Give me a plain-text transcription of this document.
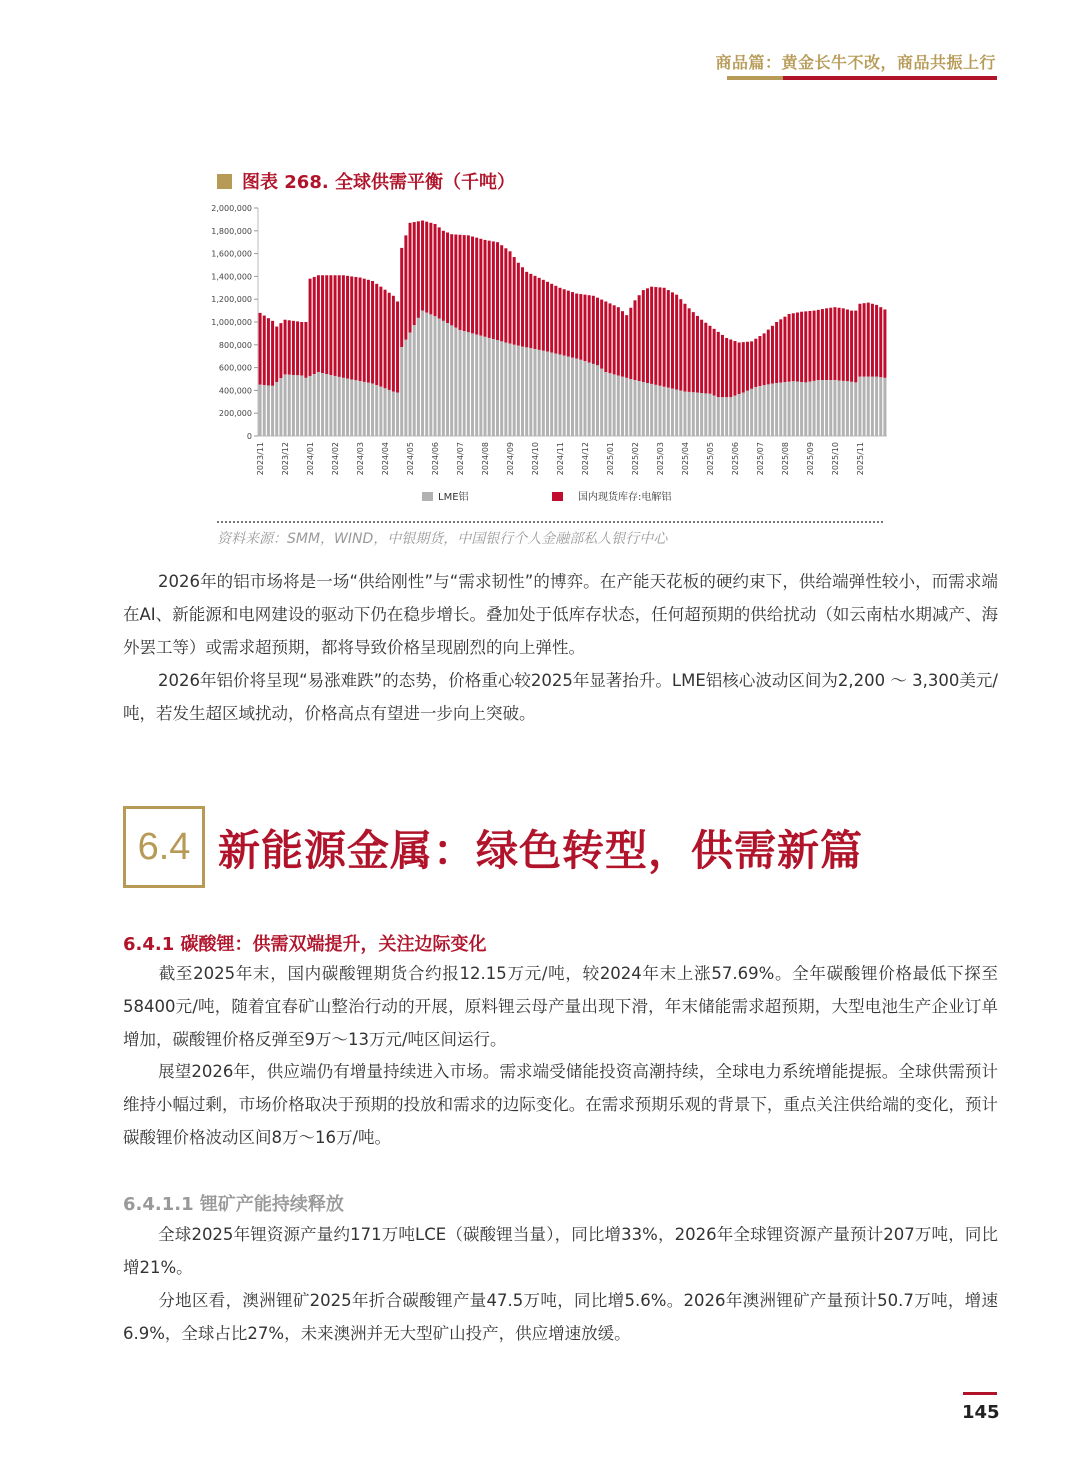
商品篇：黄金长牛不改，商品共振上行
图表 268. 全球供需平衡（千吨）
0
200,000
400,000
600,000
800,000
1,000,000
1,200,000
1,400,000
1,600,000
1,800,000
2,000,000
2023/11 2023/12 2024/01 2024/02 2024/03 2024/04 2024/05 2024/06 2024/07 2024/08 2024/09 2024/10 2024/11 2024/12 2025/01 2025/02 2025/03 2025/04 2025/05 2025/06 2025/07 2025/08 2025/09 2025/10 2025/11
LME铝	国内现货库存:电解铝
资料来源：SMM，WIND，中银期货，中国银行个人金融部私人银行中心

2026年的铝市场将是一场“供给刚性”与“需求韧性”的博弈。在产能天花板的硬约束下，供给端弹性较小，而需求端在AI、新能源和电网建设的驱动下仍在稳步增长。叠加处于低库存状态，任何超预期的供给扰动（如云南枯水期减产、海外罢工等）或需求超预期，都将导致价格呈现剧烈的向上弹性。

2026年铝价将呈现“易涨难跌”的态势，价格重心较2025年显著抬升。LME铝核心波动区间为2,200 ～ 3,300美元/吨，若发生超区域扰动，价格高点有望进一步向上突破。

6.4 新能源金属：绿色转型，供需新篇
6.4.1 碳酸锂：供需双端提升，关注边际变化

截至2025年末，国内碳酸锂期货合约报12.15万元/吨，较2024年末上涨57.69%。全年碳酸锂价格最低下探至58400元/吨，随着宜春矿山整治行动的开展，原料锂云母产量出现下滑，年末储能需求超预期，大型电池生产企业订单增加，碳酸锂价格反弹至9万～13万元/吨区间运行。

展望2026年，供应端仍有增量持续进入市场。需求端受储能投资高潮持续，全球电力系统增能提振。全球供需预计维持小幅过剩，市场价格取决于预期的投放和需求的边际变化。在需求预期乐观的背景下，重点关注供给端的变化，预计碳酸锂价格波动区间8万～16万/吨。

6.4.1.1 锂矿产能持续释放

全球2025年锂资源产量约171万吨LCE（碳酸锂当量），同比增33%，2026年全球锂资源产量预计207万吨，同比增21%。

分地区看，澳洲锂矿2025年折合碳酸锂产量47.5万吨，同比增5.6%。2026年澳洲锂矿产量预计50.7万吨，增速6.9%，全球占比27%，未来澳洲并无大型矿山投产，供应增速放缓。

145
